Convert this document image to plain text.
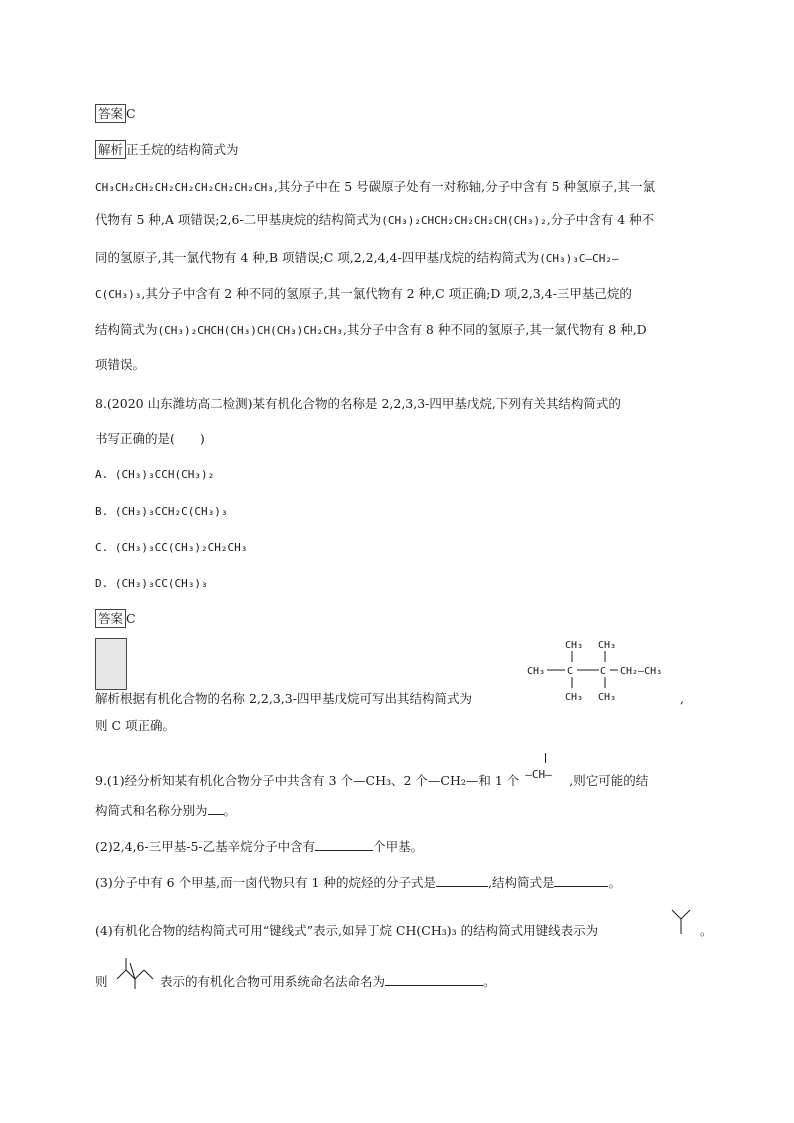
答案 C
解析 正壬烷的结构简式为
CH₃CH₂CH₂CH₂CH₂CH₂CH₂CH₂CH₃,其分子中在 5 号碳原子处有一对称轴,分子中含有 5 种氢原子,其一氯
代物有 5 种,A 项错误;2,6-二甲基庚烷的结构简式为(CH₃)₂CHCH₂CH₂CH₂CH(CH₃)₂,分子中含有 4 种不
同的氢原子,其一氯代物有 4 种,B 项错误;C 项,2,2,4,4-四甲基戊烷的结构简式为(CH₃)₃C—CH₂—
C(CH₃)₃,其分子中含有 2 种不同的氢原子,其一氯代物有 2 种,C 项正确;D 项,2,3,4-三甲基己烷的
结构简式为(CH₃)₂CHCH(CH₃)CH(CH₃)CH₂CH₃,其分子中含有 8 种不同的氢原子,其一氯代物有 8 种,D
项错误。
8.(2020 山东潍坊高二检测)某有机化合物的名称是 2,2,3,3-四甲基戊烷,下列有关其结构简式的
书写正确的是(　　)
A. (CH₃)₃CCH(CH₃)₂
B. (CH₃)₃CCH₂C(CH₃)₃
C. (CH₃)₃CC(CH₃)₂CH₂CH₃
D. (CH₃)₃CC(CH₃)₃
答案 C
解析根据有机化合物的名称 2,2,3,3-四甲基戊烷可写出其结构简式为	,
CH₃ CH₃
CH₃ C	C CH₂—CH₃
CH₃ CH₃
则 C 项正确。
9.(1)经分析知某有机化合物分子中共含有 3 个—CH₃、2 个—CH₂—和 1 个 —CH— ,则它可能的结
构简式和名称分别为 。
(2)2,4,6-三甲基-5-乙基辛烷分子中含有	个甲基。
(3)分子中有 6 个甲基,而一卤代物只有 1 种的烷烃的分子式是	,结构简式是	。
(4)有机化合物的结构简式可用“键线式”表示,如异丁烷 CH(CH₃)₃ 的结构简式用键线表示为	。
则	表示的有机化合物可用系统命名法命名为	。
